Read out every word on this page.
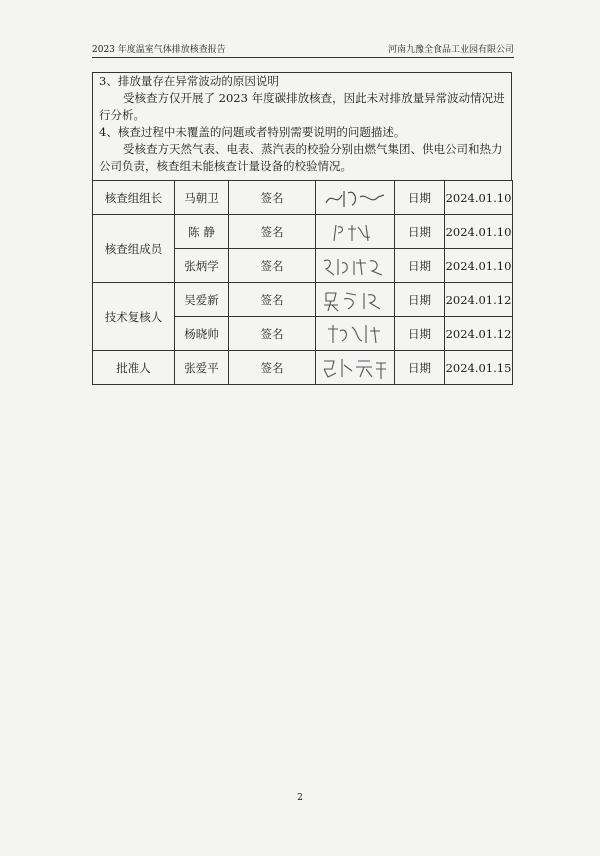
2023 年度温室气体排放核查报告	河南九豫全食品工业园有限公司

3、排放量存在异常波动的原因说明

受核查方仅开展了 2023 年度碳排放核查，因此未对排放量异常波动情况进行分析。

4、核查过程中未覆盖的问题或者特别需要说明的问题描述。

受核查方天然气表、电表、蒸汽表的校验分别由燃气集团、供电公司和热力公司负责，核查组未能核查计量设备的校验情况。

核查组组长	马朝卫	签名		日期	2024.01.10
核查组成员	陈 静	签名		日期	2024.01.10
	张炳学	签名		日期	2024.01.10
技术复核人	吴爱新	签名		日期	2024.01.12
	杨晓帅	签名		日期	2024.01.12
批准人	张爱平	签名		日期	2024.01.15
2
